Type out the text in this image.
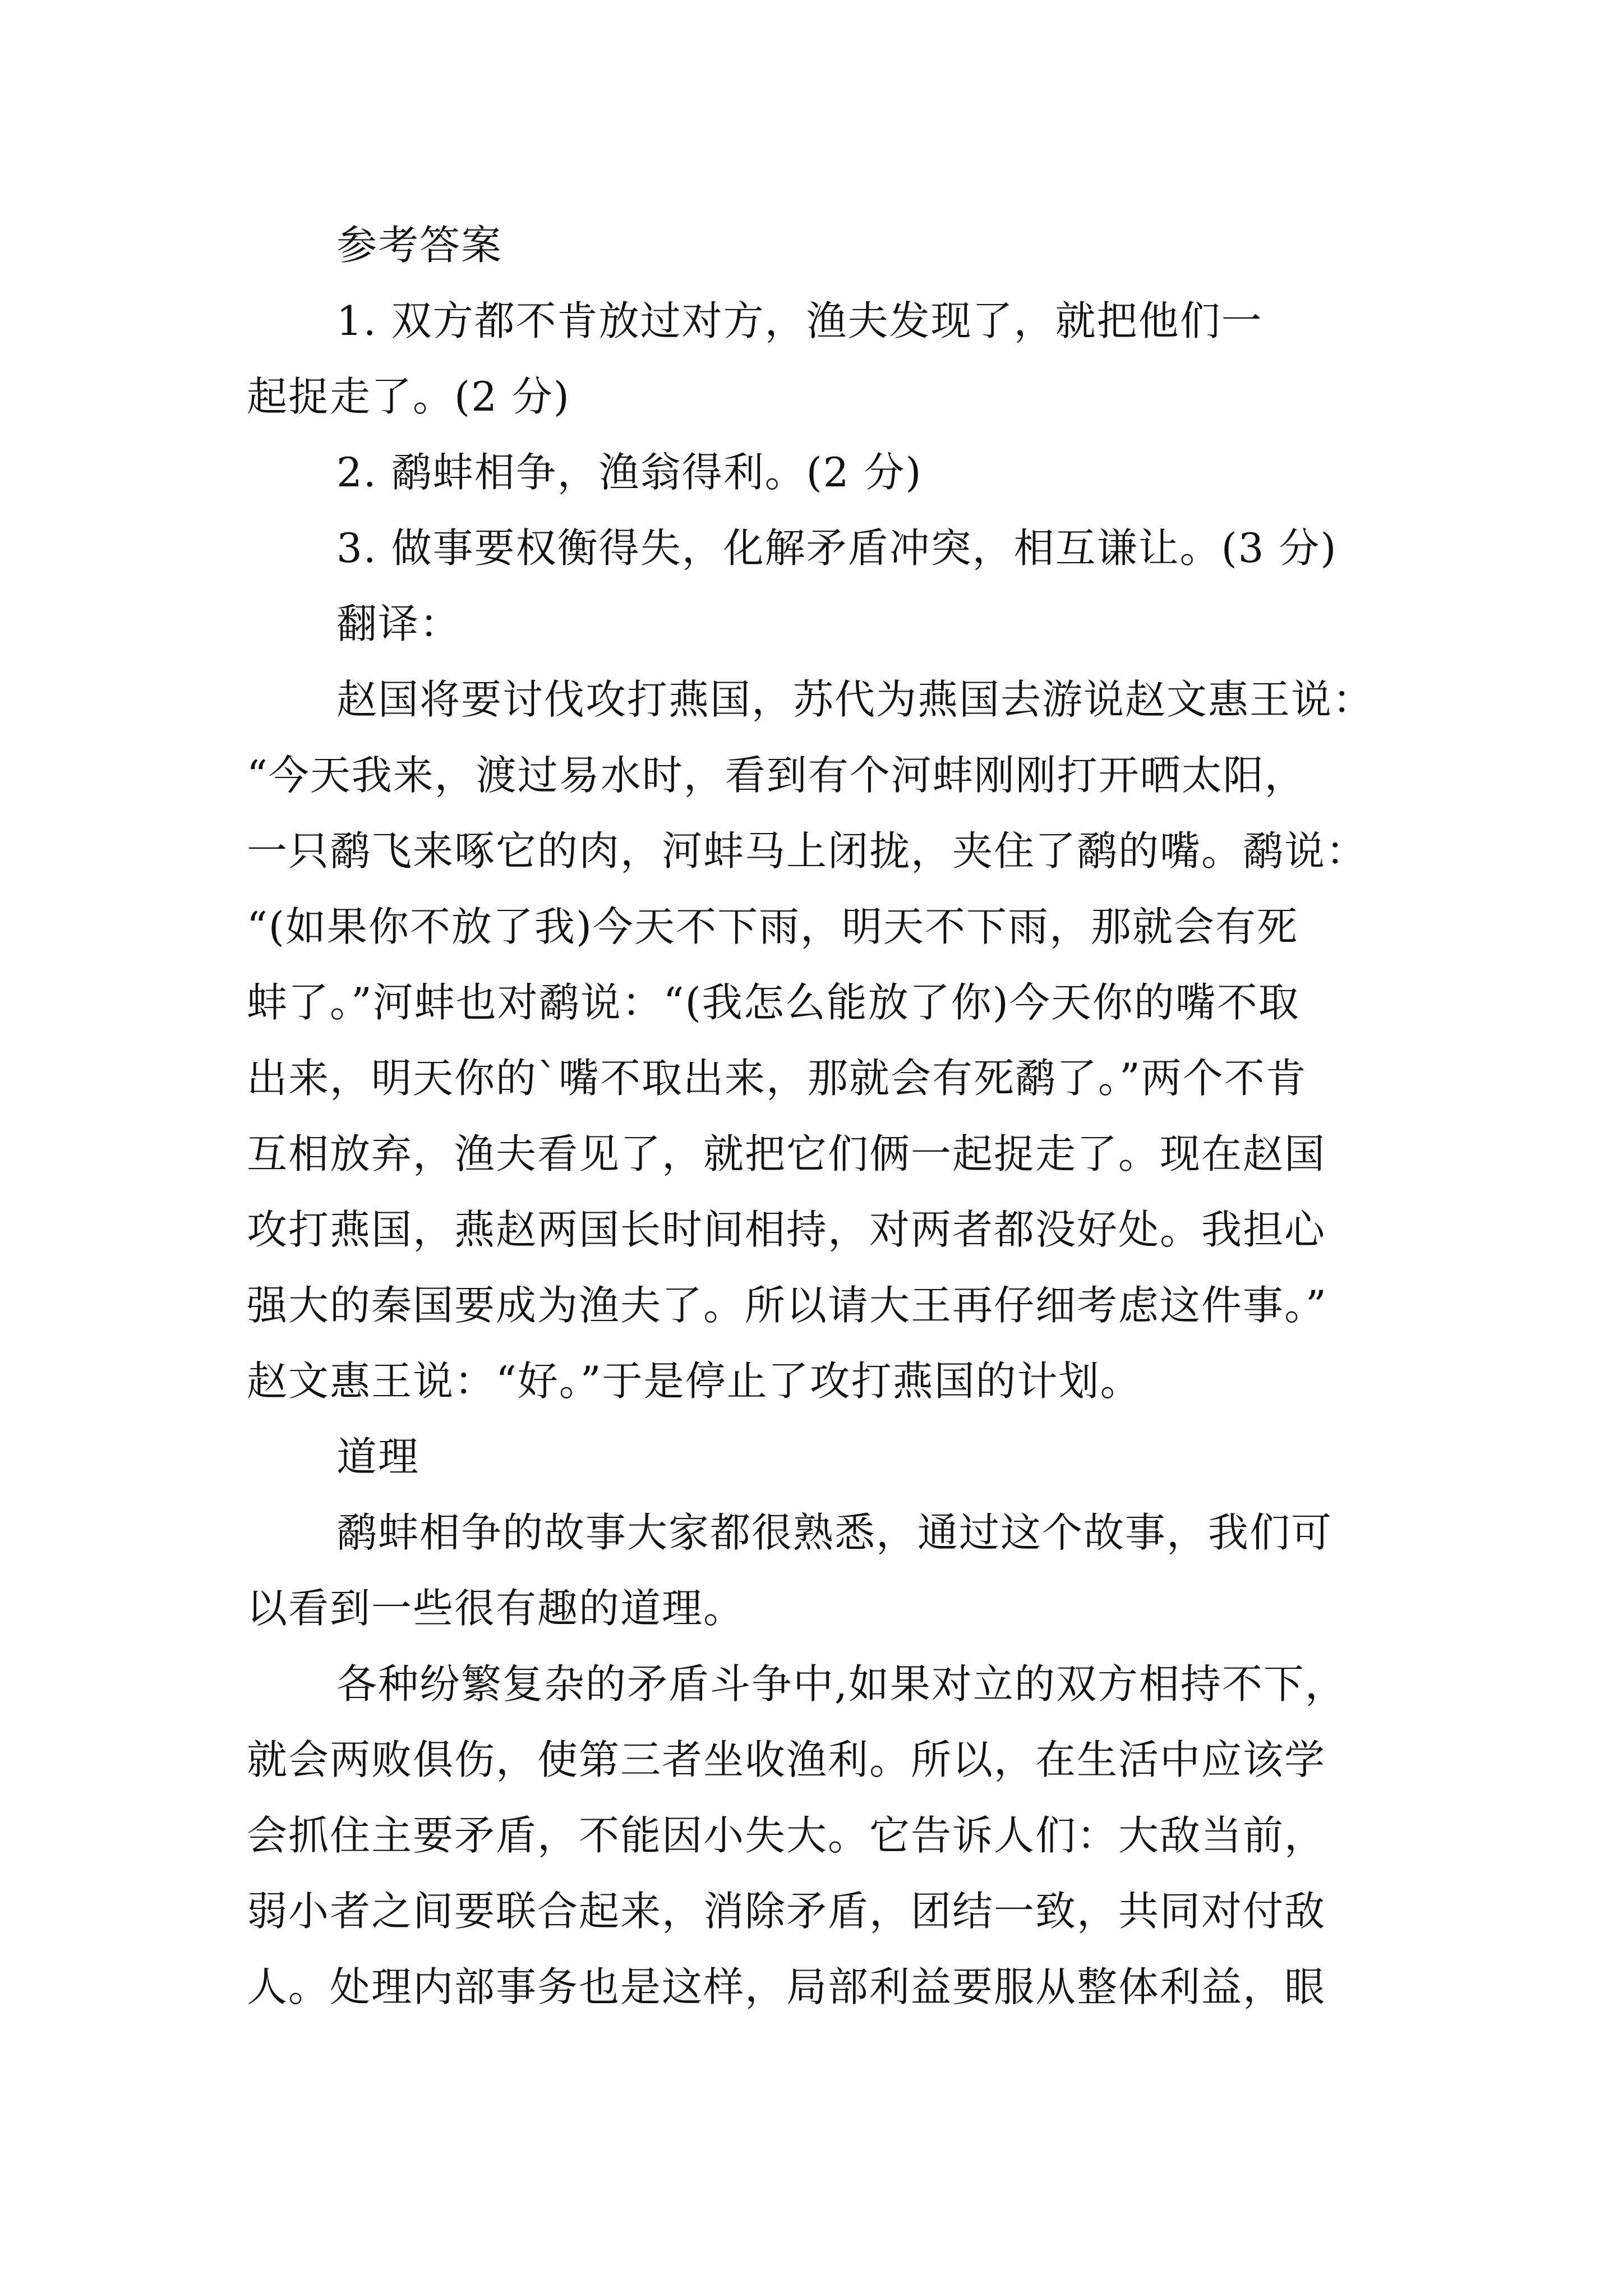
参考答案
1. 双方都不肯放过对方，渔夫发现了，就把他们一
起捉走了。(2 分)
2. 鹬蚌相争，渔翁得利。(2 分)
3. 做事要权衡得失，化解矛盾冲突，相互谦让。(3 分)
翻译：
赵国将要讨伐攻打燕国，苏代为燕国去游说赵文惠王说：
“今天我来，渡过易水时，看到有个河蚌刚刚打开晒太阳，
一只鹬飞来啄它的肉，河蚌马上闭拢，夹住了鹬的嘴。鹬说：
“(如果你不放了我)今天不下雨，明天不下雨，那就会有死
蚌了。”河蚌也对鹬说：“(我怎么能放了你)今天你的嘴不取
出来，明天你的`嘴不取出来，那就会有死鹬了。”两个不肯
互相放弃，渔夫看见了，就把它们俩一起捉走了。现在赵国
攻打燕国，燕赵两国长时间相持，对两者都没好处。我担心
强大的秦国要成为渔夫了。所以请大王再仔细考虑这件事。”
赵文惠王说：“好。”于是停止了攻打燕国的计划。
道理
鹬蚌相争的故事大家都很熟悉，通过这个故事，我们可
以看到一些很有趣的道理。
各种纷繁复杂的矛盾斗争中,如果对立的双方相持不下，
就会两败俱伤，使第三者坐收渔利。所以，在生活中应该学
会抓住主要矛盾，不能因小失大。它告诉人们：大敌当前，
弱小者之间要联合起来，消除矛盾，团结一致，共同对付敌
人。处理内部事务也是这样，局部利益要服从整体利益，眼
